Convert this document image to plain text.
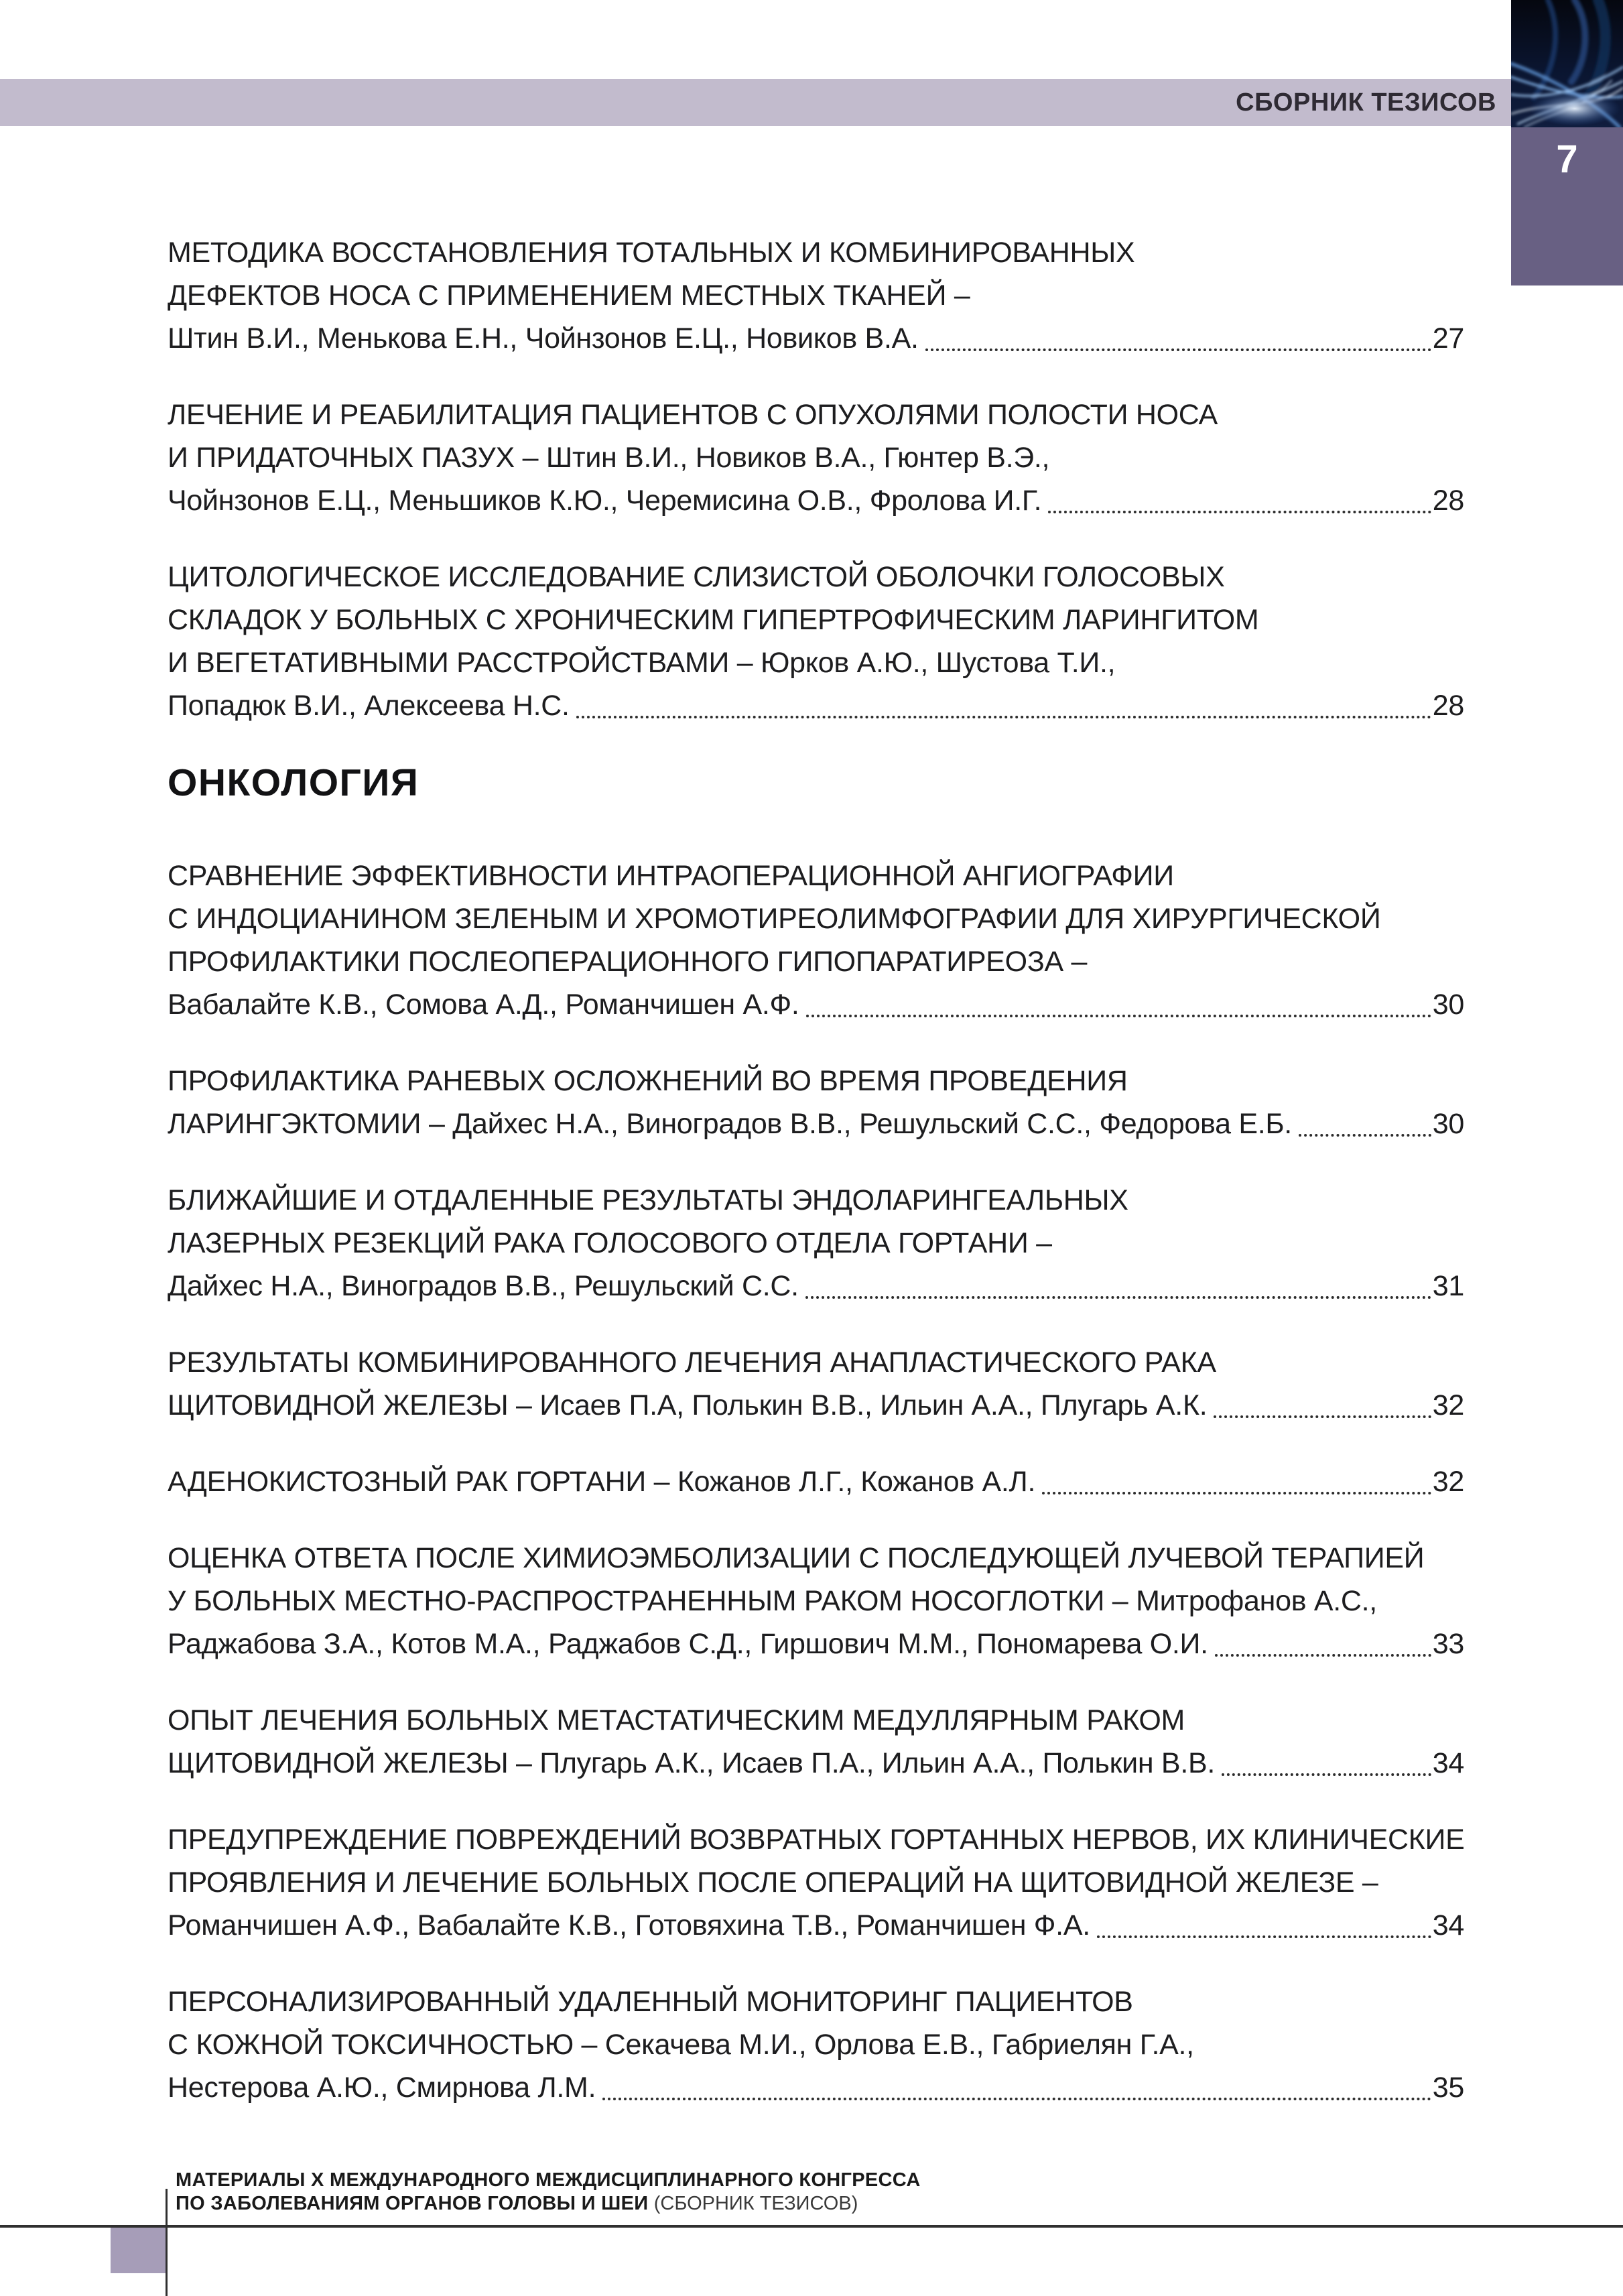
СБОРНИК ТЕЗИСОВ
7
МЕТОДИКА ВОССТАНОВЛЕНИЯ ТОТАЛЬНЫХ И КОМБИНИРОВАННЫХ
ДЕФЕКТОВ НОСА С ПРИМЕНЕНИЕМ МЕСТНЫХ ТКАНЕЙ –
Штин В.И., Менькова Е.Н., Чойнзонов Е.Ц., Новиков В.А.	27
ЛЕЧЕНИЕ И РЕАБИЛИТАЦИЯ ПАЦИЕНТОВ С ОПУХОЛЯМИ ПОЛОСТИ НОСА
И ПРИДАТОЧНЫХ ПАЗУХ – Штин В.И., Новиков В.А., Гюнтер В.Э.,
Чойнзонов Е.Ц., Меньшиков К.Ю., Черемисина О.В., Фролова И.Г.	28
ЦИТОЛОГИЧЕСКОЕ ИССЛЕДОВАНИЕ СЛИЗИСТОЙ ОБОЛОЧКИ ГОЛОСОВЫХ
СКЛАДОК У БОЛЬНЫХ С ХРОНИЧЕСКИМ ГИПЕРТРОФИЧЕСКИМ ЛАРИНГИТОМ
И ВЕГЕТАТИВНЫМИ РАССТРОЙСТВАМИ – Юрков А.Ю., Шустова Т.И.,
Попадюк В.И., Алексеева Н.С.	28
ОНКОЛОГИЯ
СРАВНЕНИЕ ЭФФЕКТИВНОСТИ ИНТРАОПЕРАЦИОННОЙ АНГИОГРАФИИ
С ИНДОЦИАНИНОМ ЗЕЛЕНЫМ И ХРОМОТИРЕОЛИМФОГРАФИИ ДЛЯ ХИРУРГИЧЕСКОЙ
ПРОФИЛАКТИКИ ПОСЛЕОПЕРАЦИОННОГО ГИПОПАРАТИРЕОЗА –
Вабалайте К.В., Сомова А.Д., Романчишен А.Ф.	30
ПРОФИЛАКТИКА РАНЕВЫХ ОСЛОЖНЕНИЙ ВО ВРЕМЯ ПРОВЕДЕНИЯ
ЛАРИНГЭКТОМИИ – Дайхес Н.А., Виноградов В.В., Решульский С.С., Федорова Е.Б.	30
БЛИЖАЙШИЕ И ОТДАЛЕННЫЕ РЕЗУЛЬТАТЫ ЭНДОЛАРИНГЕАЛЬНЫХ
ЛАЗЕРНЫХ РЕЗЕКЦИЙ РАКА ГОЛОСОВОГО ОТДЕЛА ГОРТАНИ –
Дайхес Н.А., Виноградов В.В., Решульский С.С.	31
РЕЗУЛЬТАТЫ КОМБИНИРОВАННОГО ЛЕЧЕНИЯ АНАПЛАСТИЧЕСКОГО РАКА
ЩИТОВИДНОЙ ЖЕЛЕЗЫ – Исаев П.А, Полькин В.В., Ильин А.А., Плугарь А.К.	32
АДЕНОКИСТОЗНЫЙ РАК ГОРТАНИ – Кожанов Л.Г., Кожанов А.Л.	32
ОЦЕНКА ОТВЕТА ПОСЛЕ ХИМИОЭМБОЛИЗАЦИИ С ПОСЛЕДУЮЩЕЙ ЛУЧЕВОЙ ТЕРАПИЕЙ
У БОЛЬНЫХ МЕСТНО-РАСПРОСТРАНЕННЫМ РАКОМ НОСОГЛОТКИ – Митрофанов А.С.,
Раджабова З.А., Котов М.А., Раджабов С.Д., Гиршович М.М., Пономарева О.И.	33
ОПЫТ ЛЕЧЕНИЯ БОЛЬНЫХ МЕТАСТАТИЧЕСКИМ МЕДУЛЛЯРНЫМ РАКОМ
ЩИТОВИДНОЙ ЖЕЛЕЗЫ – Плугарь А.К., Исаев П.А., Ильин А.А., Полькин В.В.	34
ПРЕДУПРЕЖДЕНИЕ ПОВРЕЖДЕНИЙ ВОЗВРАТНЫХ ГОРТАННЫХ НЕРВОВ, ИХ КЛИНИЧЕСКИЕ
ПРОЯВЛЕНИЯ И ЛЕЧЕНИЕ БОЛЬНЫХ ПОСЛЕ ОПЕРАЦИЙ НА ЩИТОВИДНОЙ ЖЕЛЕЗЕ –
Романчишен А.Ф., Вабалайте К.В., Готовяхина Т.В., Романчишен Ф.А.	34
ПЕРСОНАЛИЗИРОВАННЫЙ УДАЛЕННЫЙ МОНИТОРИНГ ПАЦИЕНТОВ
С КОЖНОЙ ТОКСИЧНОСТЬЮ – Секачева М.И., Орлова Е.В., Габриелян Г.А.,
Нестерова А.Ю., Смирнова Л.М.	35
МАТЕРИАЛЫ X МЕЖДУНАРОДНОГО МЕЖДИСЦИПЛИНАРНОГО КОНГРЕССА
ПО ЗАБОЛЕВАНИЯМ ОРГАНОВ ГОЛОВЫ И ШЕИ (СБОРНИК ТЕЗИСОВ)
